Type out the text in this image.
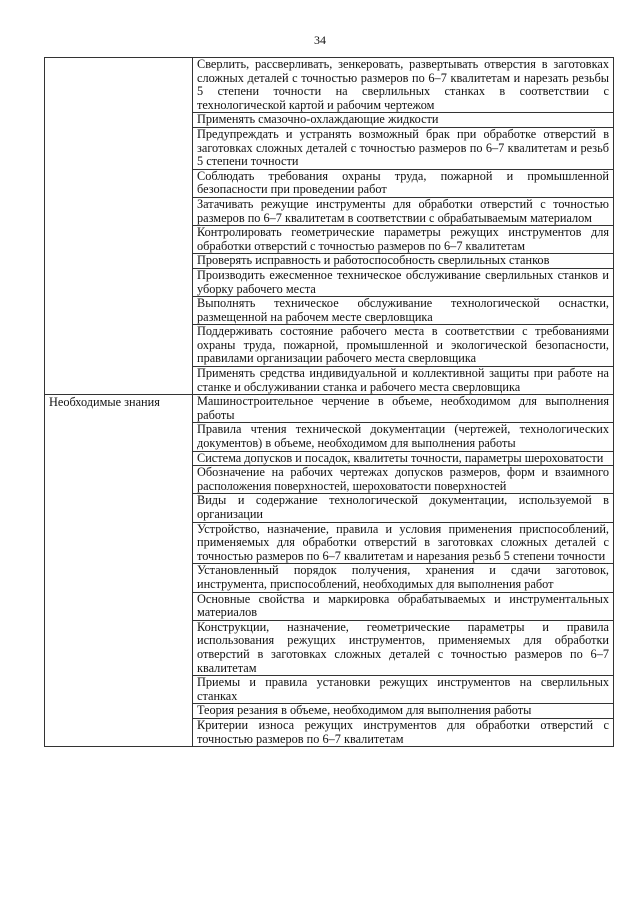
34
	Сверлить, рассверливать, зенкеровать, развертывать отверстия в заготовках сложных деталей с точностью размеров по 6–7 квалитетам и нарезать резьбы 5 степени точности на сверлильных станках в соответствии с технологической картой и рабочим чертежом
	Применять смазочно-охлаждающие жидкости
	Предупреждать и устранять возможный брак при обработке отверстий в заготовках сложных деталей с точностью размеров по 6–7 квалитетам и резьб 5 степени точности
	Соблюдать требования охраны труда, пожарной и промышленной безопасности при проведении работ
	Затачивать режущие инструменты для обработки отверстий с точностью размеров по 6–7 квалитетам в соответствии с обрабатываемым материалом
	Контролировать геометрические параметры режущих инструментов для обработки отверстий с точностью размеров по 6–7 квалитетам
	Проверять исправность и работоспособность сверлильных станков
	Производить ежесменное техническое обслуживание сверлильных станков и уборку рабочего места
	Выполнять техническое обслуживание технологической оснастки, размещенной на рабочем месте сверловщика
	Поддерживать состояние рабочего места в соответствии с требованиями охраны труда, пожарной, промышленной и экологической безопасности, правилами организации рабочего места сверловщика
	Применять средства индивидуальной и коллективной защиты при работе на станке и обслуживании станка и рабочего места сверловщика

Необходимые знания	Машиностроительное черчение в объеме, необходимом для выполнения работы
	Правила чтения технической документации (чертежей, технологических документов) в объеме, необходимом для выполнения работы
	Система допусков и посадок, квалитеты точности, параметры шероховатости
	Обозначение на рабочих чертежах допусков размеров, форм и взаимного расположения поверхностей, шероховатости поверхностей
	Виды и содержание технологической документации, используемой в организации
	Устройство, назначение, правила и условия применения приспособлений, применяемых для обработки отверстий в заготовках сложных деталей с точностью размеров по 6–7 квалитетам и нарезания резьб 5 степени точности
	Установленный порядок получения, хранения и сдачи заготовок, инструмента, приспособлений, необходимых для выполнения работ
	Основные свойства и маркировка обрабатываемых и инструментальных материалов
	Конструкции, назначение, геометрические параметры и правила использования режущих инструментов, применяемых для обработки отверстий в заготовках сложных деталей с точностью размеров по 6–7 квалитетам
	Приемы и правила установки режущих инструментов на сверлильных станках
	Теория резания в объеме, необходимом для выполнения работы
	Критерии износа режущих инструментов для обработки отверстий с точностью размеров по 6–7 квалитетам
